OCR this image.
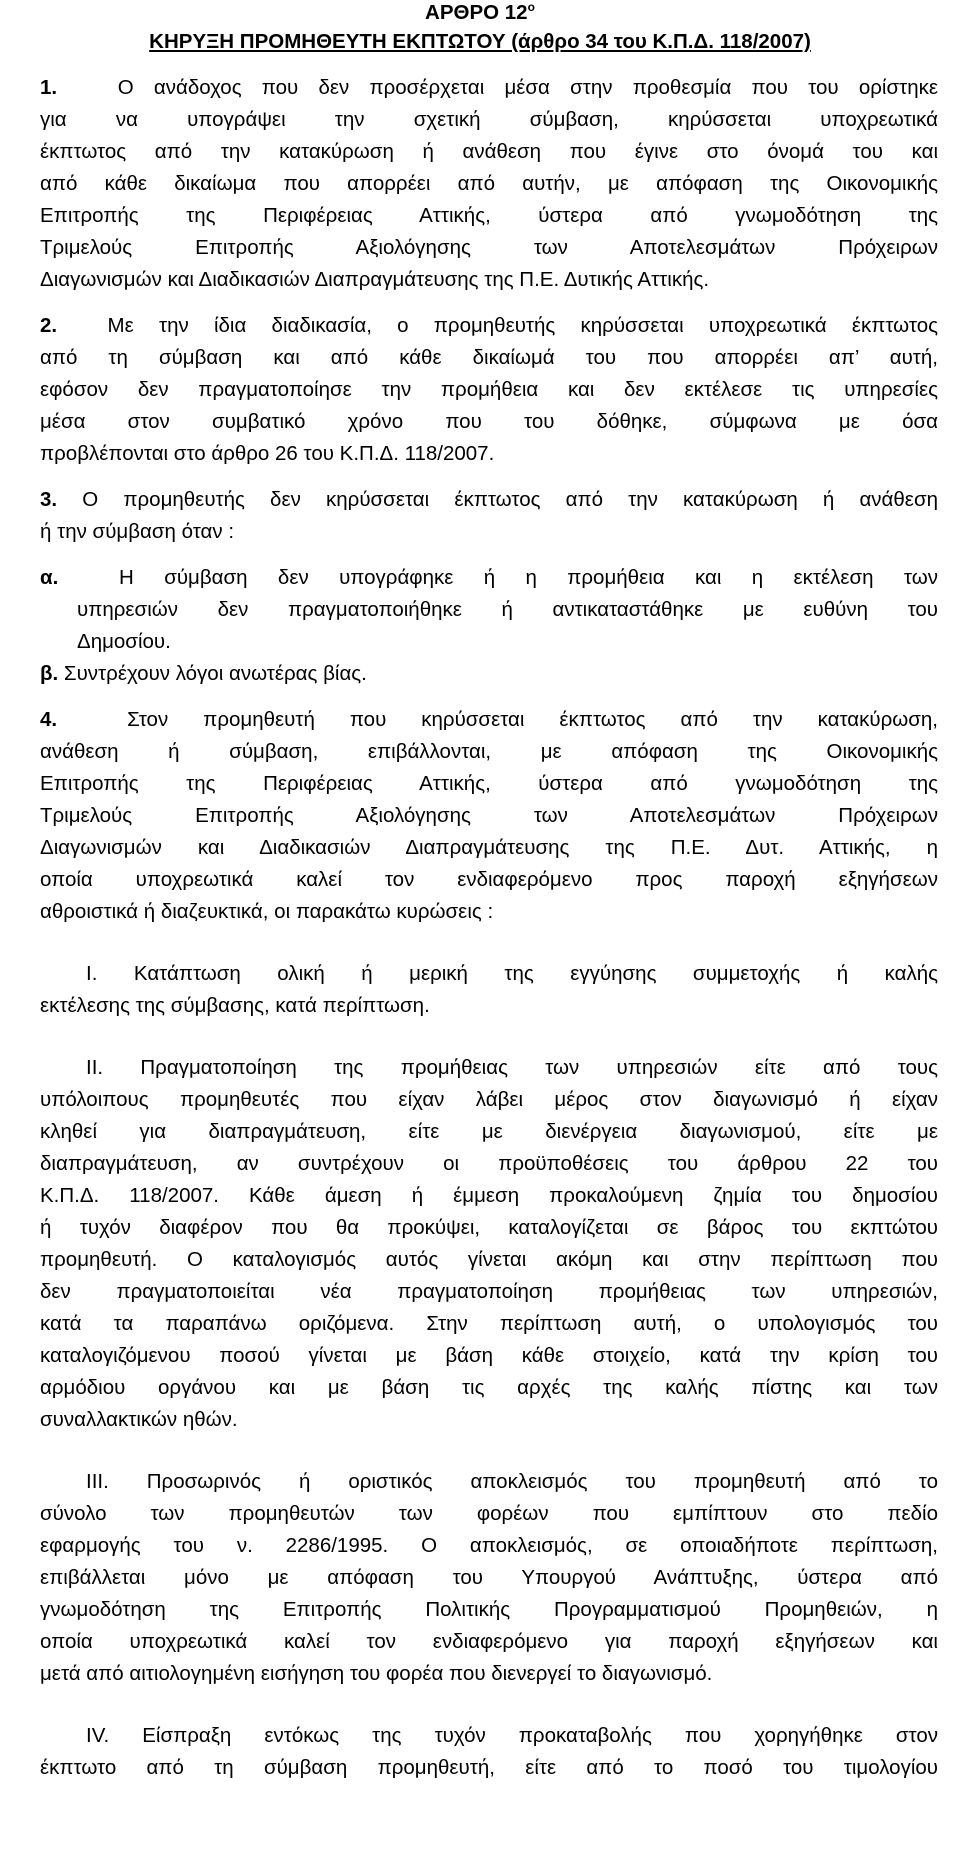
ΑΡΘΡΟ $12^o$
ΚΗΡΥΞΗ ΠΡΟΜΗΘΕΥΤΗ ΕΚΠΤΩΤΟΥ (άρθρο 34 του Κ.Π.Δ. 118/2007)
1.	Ο ανάδοχος που δεν προσέρχεται μέσα στην προθεσμία που του ορίστηκε
για να υπογράψει την σχετική σύμβαση, κηρύσσεται υποχρεωτικά
έκπτωτος από την κατακύρωση ή ανάθεση που έγινε στο όνομά του και
από κάθε δικαίωμα που απορρέει από αυτήν, με απόφαση της Οικονομικής
Επιτροπής της Περιφέρειας Αττικής, ύστερα από γνωμοδότηση της
Τριμελούς Επιτροπής Αξιολόγησης των Αποτελεσμάτων Πρόχειρων
Διαγωνισμών και Διαδικασιών Διαπραγμάτευσης της Π.Ε. Δυτικής Αττικής.
2. Με την ίδια διαδικασία, ο προμηθευτής κηρύσσεται υποχρεωτικά έκπτωτος
από τη σύμβαση και από κάθε δικαίωμά του που απορρέει απ’ αυτή,
εφόσον δεν πραγματοποίησε την προμήθεια και δεν εκτέλεσε τις υπηρεσίες
μέσα στον συμβατικό χρόνο που του δόθηκε, σύμφωνα με όσα
προβλέπονται στο άρθρο 26 του Κ.Π.Δ. 118/2007.
3. Ο προμηθευτής δεν κηρύσσεται έκπτωτος από την κατακύρωση ή ανάθεση
ή την σύμβαση όταν :
α.	Η σύμβαση δεν υπογράφηκε ή η προμήθεια και η εκτέλεση των
υπηρεσιών δεν πραγματοποιήθηκε ή αντικαταστάθηκε με ευθύνη του
Δημοσίου.
β. Συντρέχουν λόγοι ανωτέρας βίας.
4.	Στον προμηθευτή που κηρύσσεται έκπτωτος από την κατακύρωση,
ανάθεση ή σύμβαση, επιβάλλονται, με απόφαση της Οικονομικής
Επιτροπής της Περιφέρειας Αττικής, ύστερα από γνωμοδότηση της
Τριμελούς Επιτροπής Αξιολόγησης των Αποτελεσμάτων Πρόχειρων
Διαγωνισμών και Διαδικασιών Διαπραγμάτευσης της Π.Ε. Δυτ. Αττικής, η
οποία υποχρεωτικά καλεί τον ενδιαφερόμενο προς παροχή εξηγήσεων
αθροιστικά ή διαζευκτικά, οι παρακάτω κυρώσεις :
I. Κατάπτωση ολική ή μερική της εγγύησης συμμετοχής ή καλής
εκτέλεσης της σύμβασης, κατά περίπτωση.
II. Πραγματοποίηση της προμήθειας των υπηρεσιών είτε από τους
υπόλοιπους προμηθευτές που είχαν λάβει μέρος στον διαγωνισμό ή είχαν
κληθεί για διαπραγμάτευση, είτε με διενέργεια διαγωνισμού, είτε με
διαπραγμάτευση, αν συντρέχουν οι προϋποθέσεις του άρθρου 22 του
Κ.Π.Δ. 118/2007. Κάθε άμεση ή έμμεση προκαλούμενη ζημία του δημοσίου
ή τυχόν διαφέρον που θα προκύψει, καταλογίζεται σε βάρος του εκπτώτου
προμηθευτή. Ο καταλογισμός αυτός γίνεται ακόμη και στην περίπτωση που
δεν πραγματοποιείται νέα πραγματοποίηση προμήθειας των υπηρεσιών,
κατά τα παραπάνω οριζόμενα. Στην περίπτωση αυτή, ο υπολογισμός του
καταλογιζόμενου ποσού γίνεται με βάση κάθε στοιχείο, κατά την κρίση του
αρμόδιου οργάνου και με βάση τις αρχές της καλής πίστης και των
συναλλακτικών ηθών.
III. Προσωρινός ή οριστικός αποκλεισμός του προμηθευτή από το
σύνολο των προμηθευτών των φορέων που εμπίπτουν στο πεδίο
εφαρμογής του ν. 2286/1995. Ο αποκλεισμός, σε οποιαδήποτε περίπτωση,
επιβάλλεται μόνο με απόφαση του Υπουργού Ανάπτυξης, ύστερα από
γνωμοδότηση της Επιτροπής Πολιτικής Προγραμματισμού Προμηθειών, η
οποία υποχρεωτικά καλεί τον ενδιαφερόμενο για παροχή εξηγήσεων και
μετά από αιτιολογημένη εισήγηση του φορέα που διενεργεί το διαγωνισμό.
IV. Είσπραξη εντόκως της τυχόν προκαταβολής που χορηγήθηκε στον
έκπτωτο από τη σύμβαση προμηθευτή, είτε από το ποσό του τιμολογίου
